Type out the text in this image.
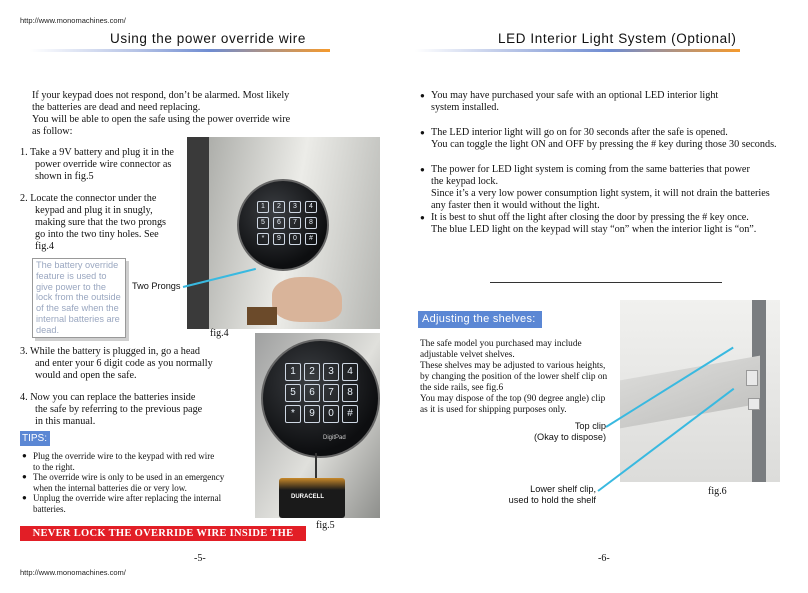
http://www.monomachines.com/
Using the power override wire
If your keypad does not respond, don’t be alarmed. Most likely
the batteries are dead and need replacing.
You will be able to open the safe using the power override wire
as follow:
1. Take a 9V battery and plug it in the
power override wire connector as
shown in fig.5
2. Locate the connector under the
keypad and plug it in snugly,
making sure that the two prongs
go into the two tiny holes. See
fig.4
The battery override
feature is used to
give power to the
lock from the outside
of the safe when the
internal batteries are
dead.
1	2	3	4
5	6	7	8
*	9	0	#
Two Prongs
fig.4
3. While the battery is plugged in, go a head
and enter your 6 digit code as you normally
would and open the safe.
4. Now you can replace the batteries inside
the safe by referring to the previous page
in this manual.
1	2	3	4
5	6	7	8
*	9	0	#
DigitPad
DURACELL
TIPS:
● Plug the override wire to the keypad with red wire
to the right.
● The override wire is only to be used in an emergency
when the internal batteries die or very low.
● Unplug the override wire after replacing the internal
batteries.
NEVER LOCK THE OVERRIDE WIRE INSIDE THE SAFE
fig.5
-5-
LED Interior Light System (Optional)
● You may have purchased your safe with an optional LED interior light
system installed.
● The LED interior light will go on for 30 seconds after the safe is opened.
You can toggle the light ON and OFF by pressing the # key during those 30 seconds.
● The power for LED light system is coming from the same batteries that power
the keypad lock.
Since it’s a very low power consumption light system, it will not drain the batteries
any faster then it would without the light.
● It is best to shut off the light after closing the door by pressing the # key once.
The blue LED light on the keypad will stay “on” when the interior light is “on”.
Adjusting the shelves:
The safe model you purchased may include
adjustable velvet shelves.
These shelves may be adjusted to various heights,
by changing the position of the lower shelf clip on
the side rails, see fig.6
You may dispose of the top (90 degree angle) clip
as it is used for shipping purposes only.
Top clip
(Okay to dispose)
Lower shelf clip,
used to hold the shelf
fig.6
-6-
http://www.monomachines.com/
